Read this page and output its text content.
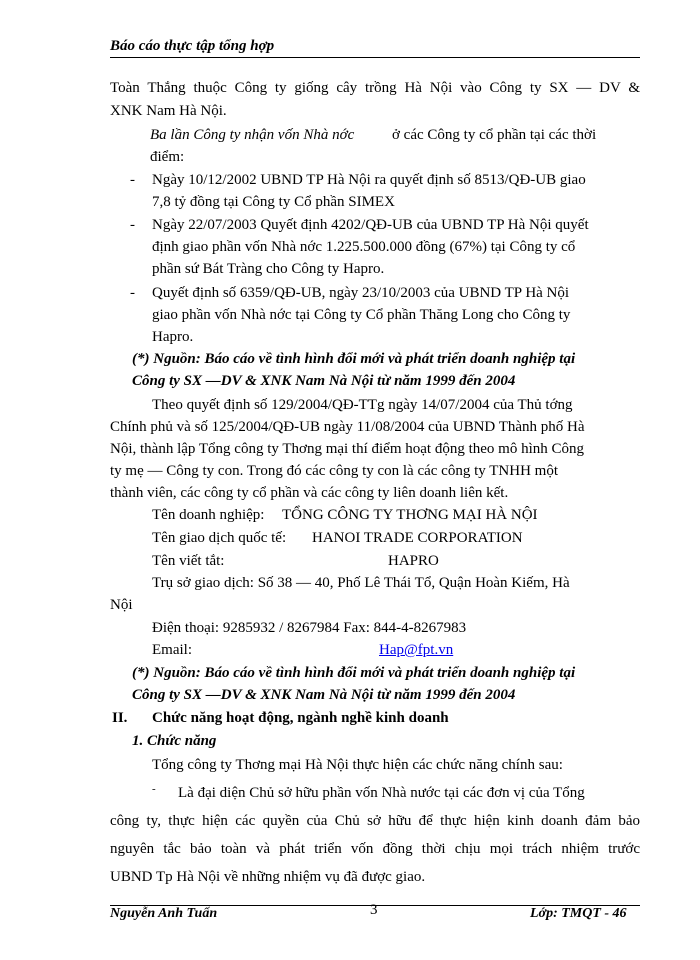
Báo cáo thực tập tổng hợp
Toàn Thắng thuộc Công ty giống cây trồng Hà Nội vào Công ty SX — DV &
XNK Nam Hà Nội.
Ba lần Công ty nhận vốn Nhà nớc	ở các Công ty cổ phần tại các thời
điểm:
- Ngày 10/12/2002 UBND TP Hà Nội ra quyết định số 8513/QĐ-UB giao
7,8 tỷ đồng tại Công ty Cổ phần SIMEX
- Ngày 22/07/2003 Quyết định 4202/QĐ-UB của UBND TP Hà Nội quyết
định giao phần vốn Nhà nớc 1.225.500.000 đồng (67%) tại Công ty cổ
phần sứ Bát Tràng cho Công ty Hapro.
- Quyết định số 6359/QĐ-UB, ngày 23/10/2003 của UBND TP Hà Nội
giao phần vốn Nhà nớc tại Công ty Cổ phần Thăng Long cho Công ty
Hapro.
(*) Nguồn: Báo cáo về tình hình đổi mới và phát triển doanh nghiệp tại
Công ty SX —DV & XNK Nam Nà Nội từ năm 1999 đến 2004
Theo quyết định số 129/2004/QĐ-TTg ngày 14/07/2004 của Thủ tớng
Chính phủ và số 125/2004/QĐ-UB ngày 11/08/2004 của UBND Thành phố Hà
Nội, thành lập Tổng công ty Thơng mại thí điểm hoạt động theo mô hình Công
ty mẹ — Công ty con. Trong đó các công ty con là các công ty TNHH một
thành viên, các công ty cổ phần và các công ty liên doanh liên kết.
Tên doanh nghiệp: TỔNG CÔNG TY THƠNG MẠI HÀ NỘI
Tên giao dịch quốc tế: HANOI TRADE CORPORATION
Tên viết tắt:	HAPRO
Trụ sở giao dịch: Số 38 — 40, Phố Lê Thái Tổ, Quận Hoàn Kiếm, Hà
Nội
Điện thoại: 9285932 / 8267984 Fax: 844-4-8267983
Email:	Hap@fpt.vn
(*) Nguồn: Báo cáo về tình hình đổi mới và phát triển doanh nghiệp tại
Công ty SX —DV & XNK Nam Nà Nội từ năm 1999 đến 2004
II. Chức năng hoạt động, ngành nghề kinh doanh
1. Chức năng
Tổng công ty Thơng mại Hà Nội thực hiện các chức năng chính sau:
- Là đại diện Chủ sở hữu phần vốn Nhà nước tại các đơn vị của Tổng
công ty, thực hiện các quyền của Chủ sở hữu để thực hiện kinh doanh đảm bảo
nguyên tắc bảo toàn và phát triển vốn đồng thời chịu mọi trách nhiệm trước
UBND Tp Hà Nội về những nhiệm vụ đã được giao.
Nguyễn Anh Tuấn	3	Lớp: TMQT - 46
